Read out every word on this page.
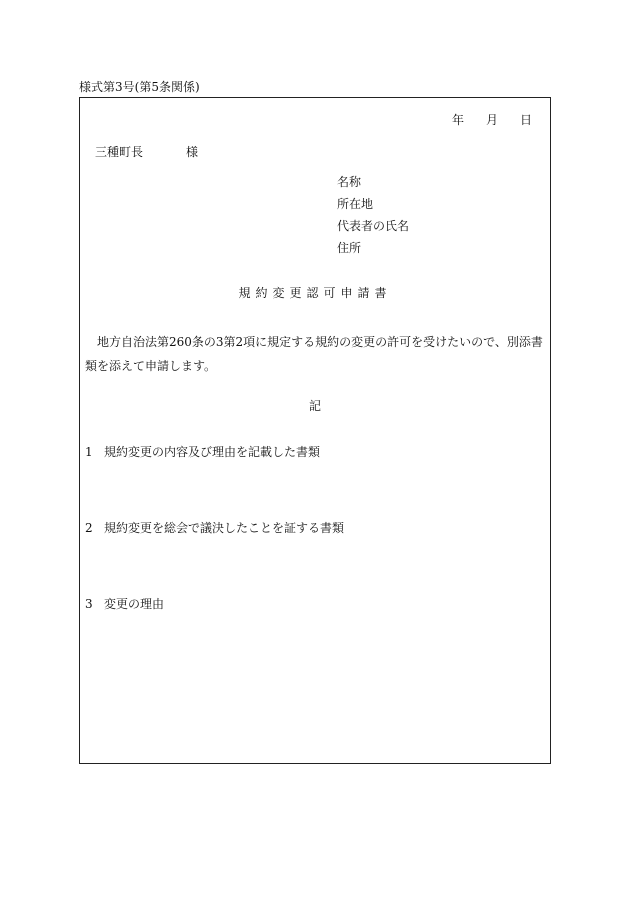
様式第3号(第5条関係)
年 月 日
三種町長	様
名称
所在地
代表者の氏名
住所
規約変更認可申請書
地方自治法第260条の3第2項に規定する規約の変更の許可を受けたいので、別添書類を添えて申請します。
記
1 規約変更の内容及び理由を記載した書類
2 規約変更を総会で議決したことを証する書類
3 変更の理由
